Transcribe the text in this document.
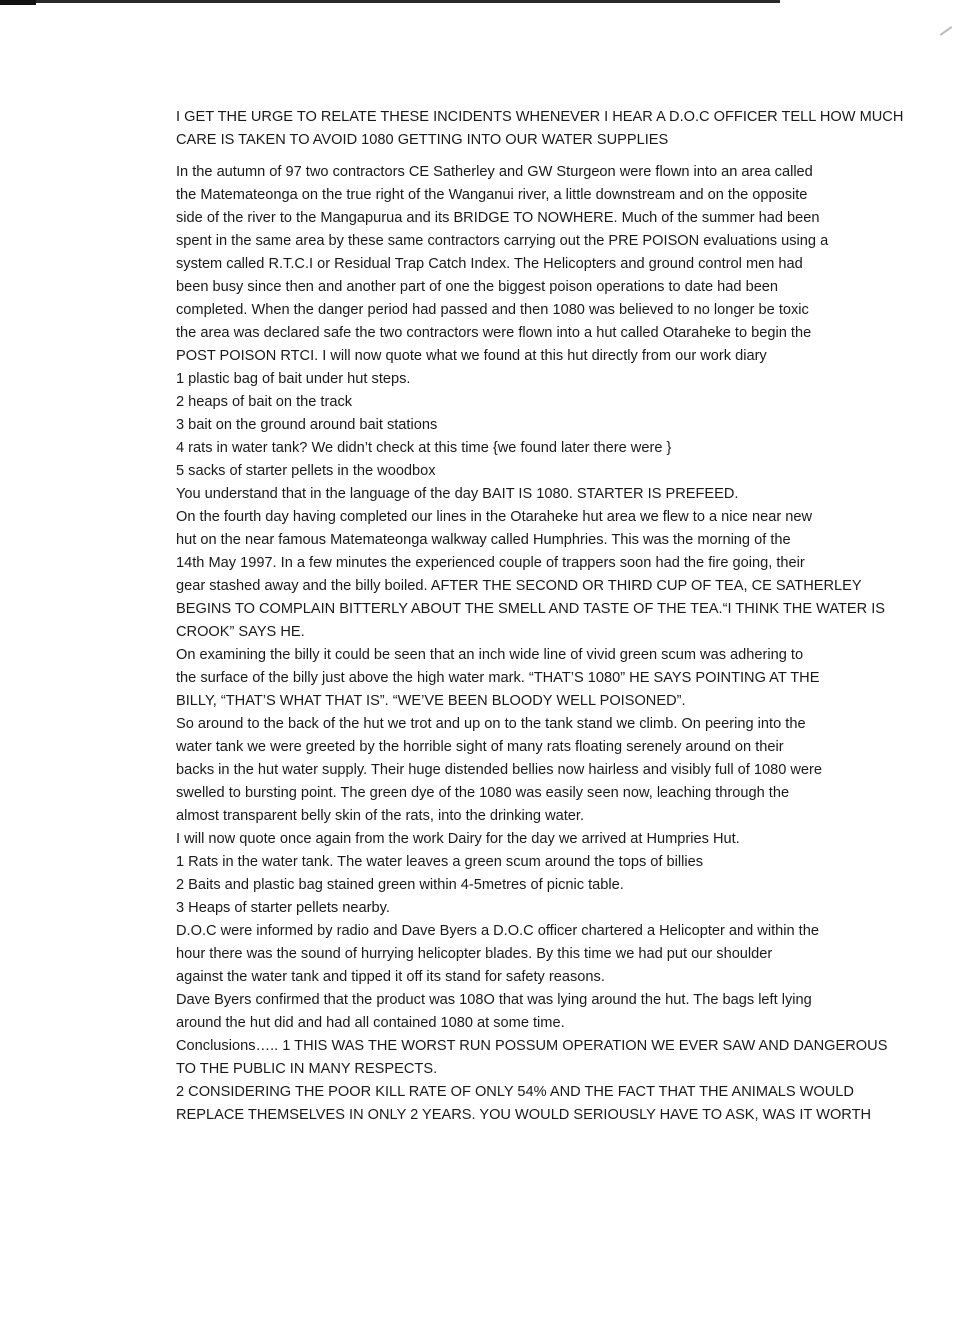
I GET THE URGE TO RELATE THESE INCIDENTS WHENEVER I HEAR A D.O.C OFFICER TELL HOW MUCH
CARE IS TAKEN TO AVOID 1080 GETTING INTO OUR WATER SUPPLIES
In the autumn of 97 two contractors CE Satherley and GW Sturgeon were flown into an area called
the Matemateonga on the true right of the Wanganui river, a little downstream and on the opposite
side of the river to the Mangapurua and its BRIDGE TO NOWHERE. Much of the summer had been
spent in the same area by these same contractors carrying out the PRE POISON evaluations using a
system called R.T.C.I or Residual Trap Catch Index. The Helicopters and ground control men had
been busy since then and another part of one the biggest poison operations to date had been
completed. When the danger period had passed and then 1080 was believed to no longer be toxic
the area was declared safe the two contractors were flown into a hut called Otaraheke to begin the
POST POISON RTCI. I will now quote what we found at this hut directly from our work diary
1 plastic bag of bait under hut steps.
2 heaps of bait on the track
3 bait on the ground around bait stations
4 rats in water tank? We didn’t check at this time {we found later there were }
5 sacks of starter pellets in the woodbox
You understand that in the language of the day BAIT IS 1080. STARTER IS PREFEED.
On the fourth day having completed our lines in the Otaraheke hut area we flew to a nice near new
hut on the near famous Matemateonga walkway called Humphries. This was the morning of the
14th May 1997. In a few minutes the experienced couple of trappers soon had the fire going, their
gear stashed away and the billy boiled. AFTER THE SECOND OR THIRD CUP OF TEA, CE SATHERLEY
BEGINS TO COMPLAIN BITTERLY ABOUT THE SMELL AND TASTE OF THE TEA.“I THINK THE WATER IS
CROOK” SAYS HE.
On examining the billy it could be seen that an inch wide line of vivid green scum was adhering to
the surface of the billy just above the high water mark. “THAT’S 1080” HE SAYS POINTING AT THE
BILLY, “THAT’S WHAT THAT IS”. “WE’VE BEEN BLOODY WELL POISONED”.
So around to the back of the hut we trot and up on to the tank stand we climb. On peering into the
water tank we were greeted by the horrible sight of many rats floating serenely around on their
backs in the hut water supply. Their huge distended bellies now hairless and visibly full of 1080 were
swelled to bursting point. The green dye of the 1080 was easily seen now, leaching through the
almost transparent belly skin of the rats, into the drinking water.
I will now quote once again from the work Dairy for the day we arrived at Humpries Hut.
1 Rats in the water tank. The water leaves a green scum around the tops of billies
2 Baits and plastic bag stained green within 4-5metres of picnic table.
3 Heaps of starter pellets nearby.
D.O.C were informed by radio and Dave Byers a D.O.C officer chartered a Helicopter and within the
hour there was the sound of hurrying helicopter blades. By this time we had put our shoulder
against the water tank and tipped it off its stand for safety reasons.
Dave Byers confirmed that the product was 108O that was lying around the hut. The bags left lying
around the hut did and had all contained 1080 at some time.
Conclusions….. 1 THIS WAS THE WORST RUN POSSUM OPERATION WE EVER SAW AND DANGEROUS
TO THE PUBLIC IN MANY RESPECTS.
2 CONSIDERING THE POOR KILL RATE OF ONLY 54% AND THE FACT THAT THE ANIMALS WOULD
REPLACE THEMSELVES IN ONLY 2 YEARS. YOU WOULD SERIOUSLY HAVE TO ASK, WAS IT WORTH
